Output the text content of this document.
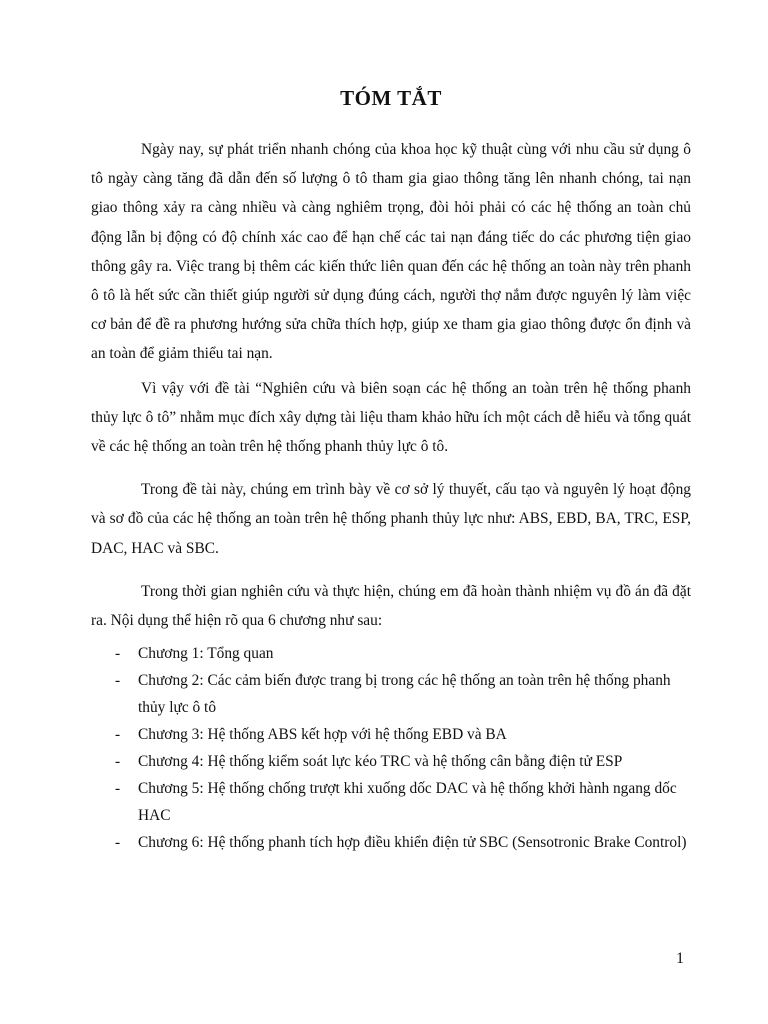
TÓM TẮT

Ngày nay, sự phát triển nhanh chóng của khoa học kỹ thuật cùng với nhu cầu sử dụng ô tô ngày càng tăng đã dẫn đến số lượng ô tô tham gia giao thông tăng lên nhanh chóng, tai nạn giao thông xảy ra càng nhiều và càng nghiêm trọng, đòi hỏi phải có các hệ thống an toàn chủ động lẫn bị động có độ chính xác cao để hạn chế các tai nạn đáng tiếc do các phương tiện giao thông gây ra. Việc trang bị thêm các kiến thức liên quan đến các hệ thống an toàn này trên phanh ô tô là hết sức cần thiết giúp người sử dụng đúng cách, người thợ nắm được nguyên lý làm việc cơ bản để đề ra phương hướng sửa chữa thích hợp, giúp xe tham gia giao thông được ổn định và an toàn để giảm thiểu tai nạn.

Vì vậy với đề tài “Nghiên cứu và biên soạn các hệ thống an toàn trên hệ thống phanh thủy lực ô tô” nhằm mục đích xây dựng tài liệu tham khảo hữu ích một cách dễ hiểu và tổng quát về các hệ thống an toàn trên hệ thống phanh thủy lực ô tô.

Trong đề tài này, chúng em trình bày về cơ sở lý thuyết, cấu tạo và nguyên lý hoạt động và sơ đồ của các hệ thống an toàn trên hệ thống phanh thủy lực như: ABS, EBD, BA, TRC, ESP, DAC, HAC và SBC.

Trong thời gian nghiên cứu và thực hiện, chúng em đã hoàn thành nhiệm vụ đồ án đã đặt ra. Nội dụng thể hiện rõ qua 6 chương như sau:

- Chương 1: Tổng quan
- Chương 2: Các cảm biến được trang bị trong các hệ thống an toàn trên hệ thống phanh thủy lực ô tô
- Chương 3: Hệ thống ABS kết hợp với hệ thống EBD và BA
- Chương 4: Hệ thống kiểm soát lực kéo TRC và hệ thống cân bằng điện tử ESP
- Chương 5: Hệ thống chống trượt khi xuống dốc DAC và hệ thống khởi hành ngang dốc HAC
- Chương 6: Hệ thống phanh tích hợp điều khiển điện tử SBC (Sensotronic Brake Control)
1
